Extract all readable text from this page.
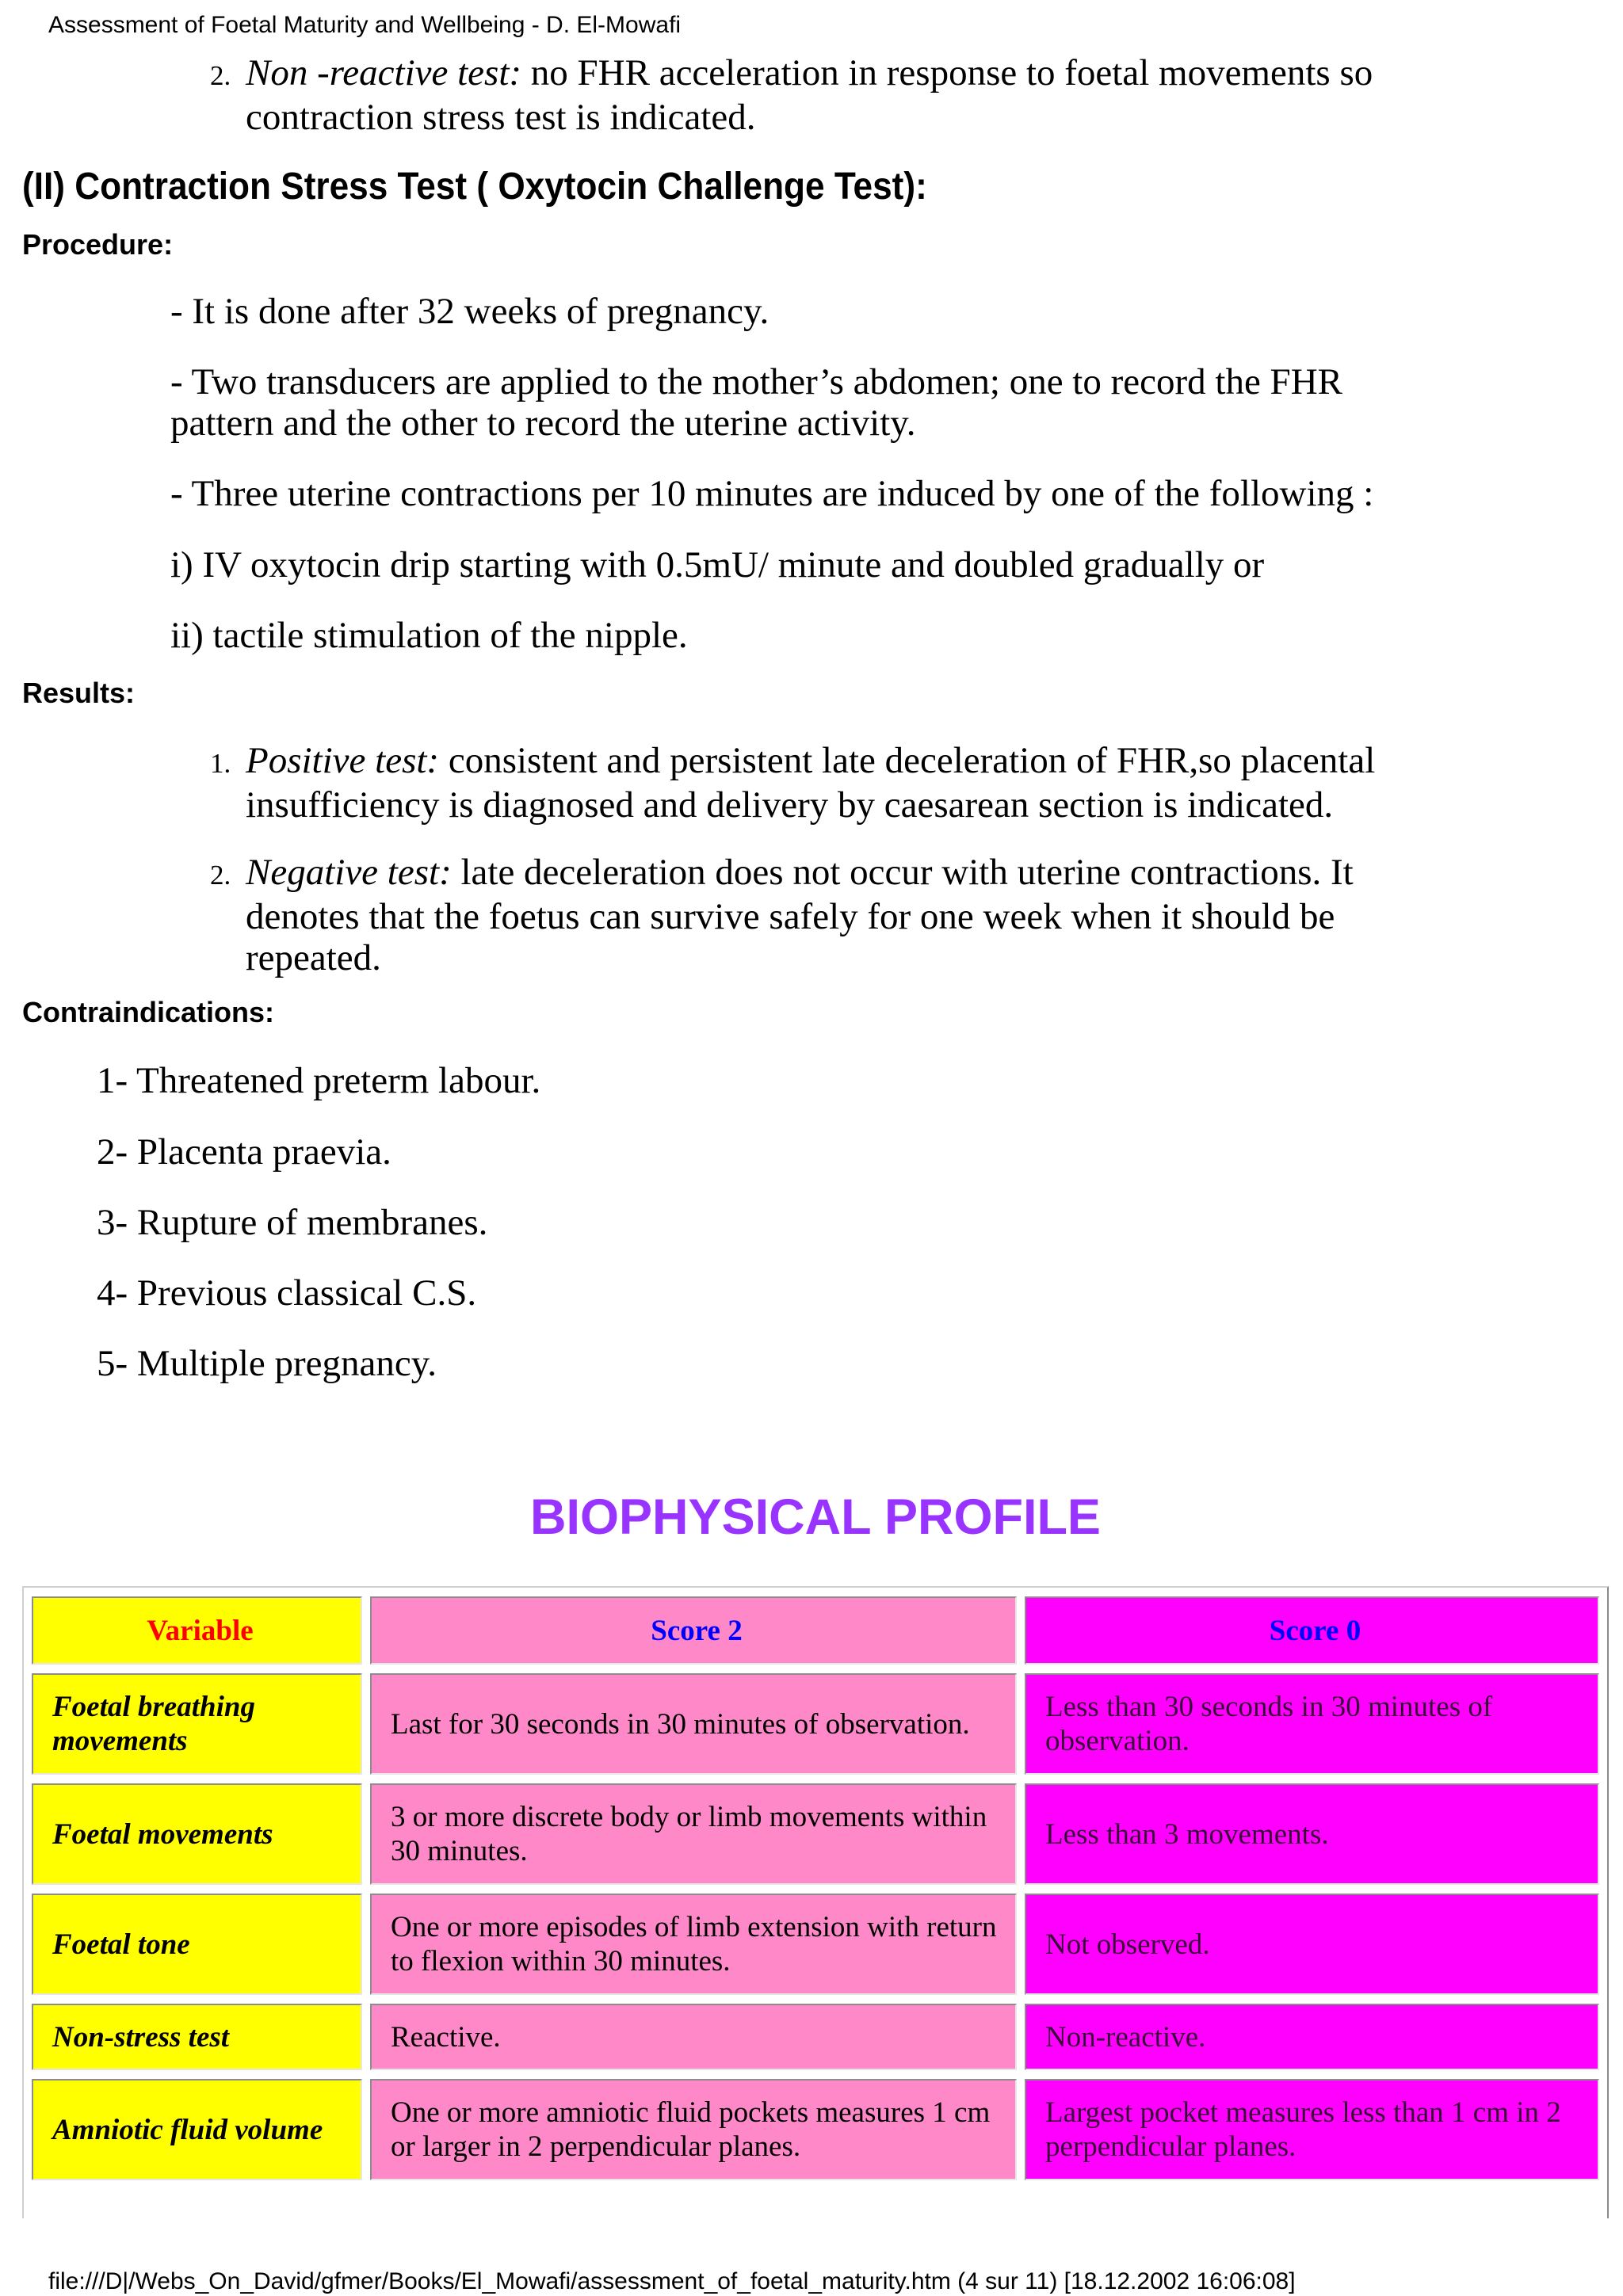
Assessment of Foetal Maturity and Wellbeing - D. El-Mowafi
2. Non -reactive test: no FHR acceleration in response to foetal movements so
contraction stress test is indicated.
(II) Contraction Stress Test ( Oxytocin Challenge Test):
Procedure:
- It is done after 32 weeks of pregnancy.
- Two transducers are applied to the mother’s abdomen; one to record the FHR
pattern and the other to record the uterine activity.
- Three uterine contractions per 10 minutes are induced by one of the following :
i) IV oxytocin drip starting with 0.5mU/ minute and doubled gradually or
ii) tactile stimulation of the nipple.
Results:
1. Positive test: consistent and persistent late deceleration of FHR,so placental
insufficiency is diagnosed and delivery by caesarean section is indicated.
2. Negative test: late deceleration does not occur with uterine contractions. It
denotes that the foetus can survive safely for one week when it should be
repeated.
Contraindications:
1- Threatened preterm labour.
2- Placenta praevia.
3- Rupture of membranes.
4- Previous classical C.S.
5- Multiple pregnancy.
BIOPHYSICAL PROFILE
Variable	Score 2	Score 0
Foetal breathing movements	Last for 30 seconds in 30 minutes of observation.	Less than 30 seconds in 30 minutes of observation.
Foetal movements	3 or more discrete body or limb movements within 30 minutes.	Less than 3 movements.
Foetal tone	One or more episodes of limb extension with return to flexion within 30 minutes.	Not observed.
Non-stress test	Reactive.	Non-reactive.
Amniotic fluid volume	One or more amniotic fluid pockets measures 1 cm or larger in 2 perpendicular planes.	Largest pocket measures less than 1 cm in 2 perpendicular planes.
file:///D|/Webs_On_David/gfmer/Books/El_Mowafi/assessment_of_foetal_maturity.htm (4 sur 11) [18.12.2002 16:06:08]
